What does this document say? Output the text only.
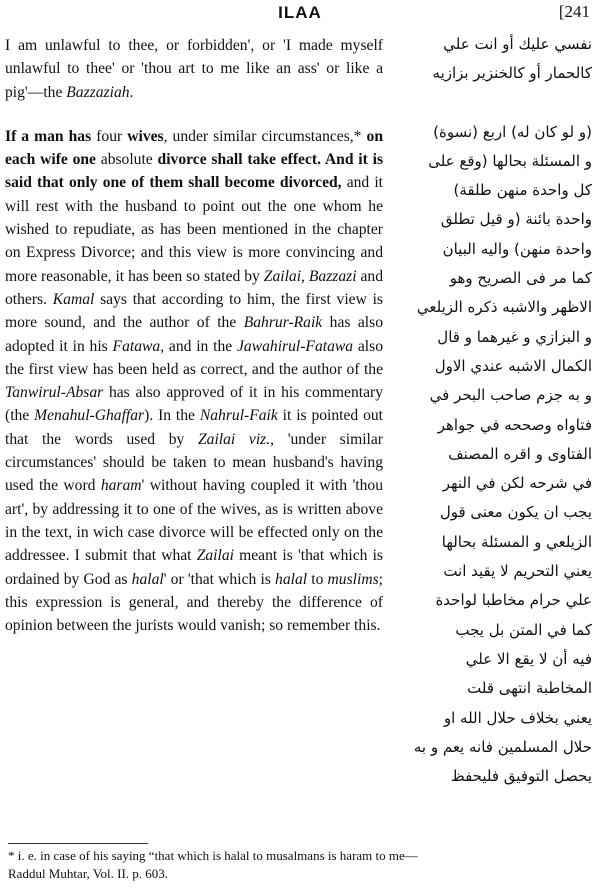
ILAA	[241

I am unlawful to thee, or forbidden', or 'I made myself unlawful to thee' or 'thou art to me like an ass' or like a pig'—the Bazzaziah.

If a man has four wives, under similar circumstances,* on each wife one absolute divorce shall take effect. And it is said that only one of them shall become divorced, and it will rest with the husband to point out the one whom he wished to repudiate, as has been mentioned in the chapter on Express Divorce; and this view is more convincing and more reasonable, it has been so stated by Zailai, Bazzazi and others. Kamal says that according to him, the first view is more sound, and the author of the Bahrur-Raik has also adopted it in his Fatawa, and in the Jawahirul-Fatawa also the first view has been held as correct, and the author of the Tanwirul-Absar has also approved of it in his commentary (the Menahul-Ghaffar). In the Nahrul-Faik it is pointed out that the words used by Zailai viz., 'under similar circumstances' should be taken to mean husband's having used the word haram' without having coupled it with 'thou art', by addressing it to one of the wives, as is written above in the text, in wich case divorce will be effected only on the addressee. I submit that what Zailai meant is 'that which is ordained by God as halal' or 'that which is halal to muslims; this expression is general, and thereby the difference of opinion between the jurists would vanish; so remember this.

نفسي عليك أو انت علي
كالحمار أو كالخنزير بزازيه
(و لو كان له) اربع (نسوة)
و المسئلة بحالها (وقع على
كل واحدة منهن طلقة)
واحدة بائنة (و قيل تطلق
واحدة منهن) واليه البيان
كما مر فى الصريح وهو
الاظهر والاشبه ذكره الزيلعي
و البزازي و غيرهما و قال
الكمال الاشبه عندي الاول
و به جزم صاحب البحر في
فتاواه وصححه في جواهر
الفتاوى و اقره المصنف
في شرحه لكن في النهر
يجب ان يكون معنى قول
الزيلعي و المسئلة بحالها
يعني التحريم لا يقيد انت
علي حرام مخاطبا لواحدة
كما في المتن بل يجب
فيه أن لا يقع الا علي
المخاطبة انتهى قلت
يعني بخلاف حلال الله او
حلال المسلمين فانه يعم و به
يحصل التوفيق فليحفظ
* i. e. in case of his saying “that which is halal to musalmans is haram to me—
Raddul Muhtar, Vol. II. p. 603.
